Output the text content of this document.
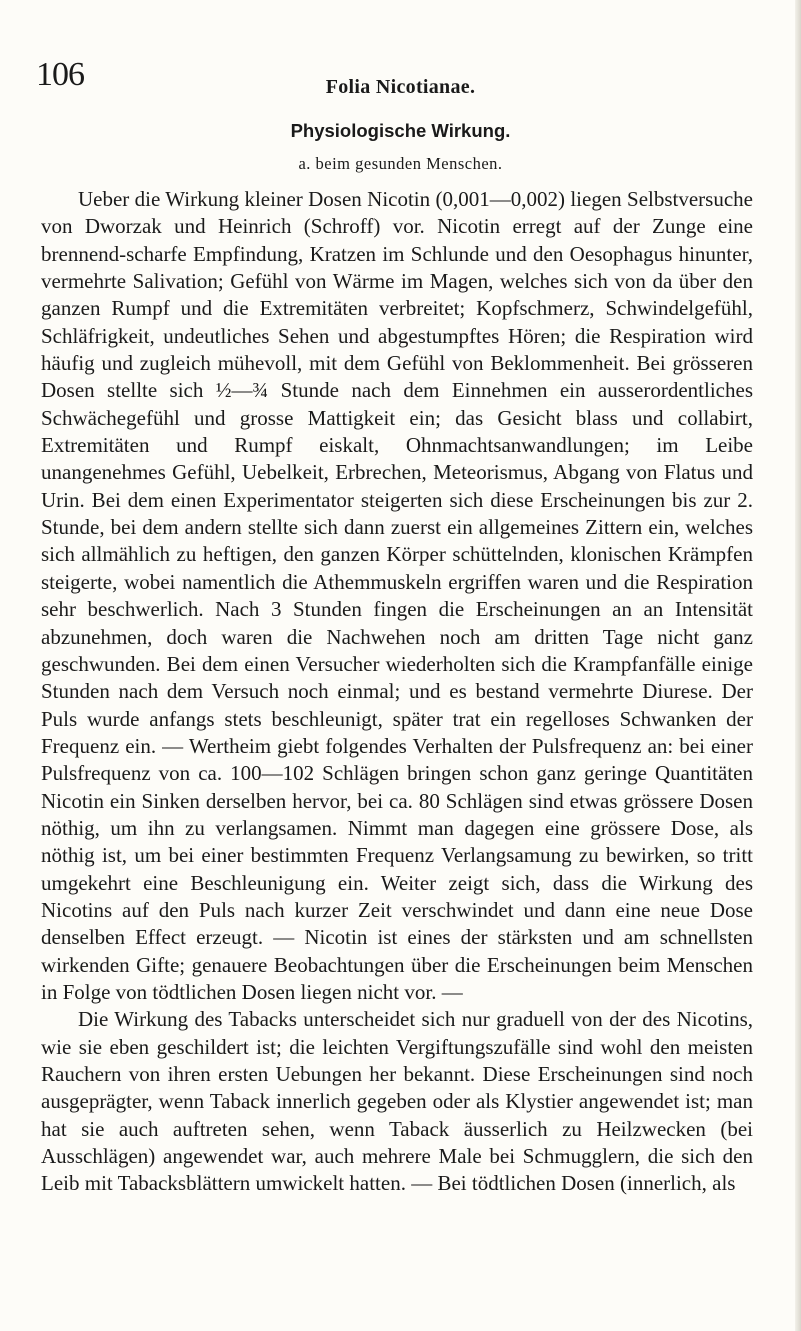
106	Folia Nicotianae.
Physiologische Wirkung.
a. beim gesunden Menschen.

Ueber die Wirkung kleiner Dosen Nicotin (0,001—0,002) liegen Selbstversuche von Dworzak und Heinrich (Schroff) vor. Nicotin erregt auf der Zunge eine brennend-scharfe Empfindung, Kratzen im Schlunde und den Oesophagus hinunter, vermehrte Salivation; Gefühl von Wärme im Magen, welches sich von da über den ganzen Rumpf und die Extremitäten verbreitet; Kopfschmerz, Schwindelgefühl, Schläfrigkeit, undeutliches Sehen und abgestumpftes Hören; die Respiration wird häufig und zugleich mühevoll, mit dem Gefühl von Beklommenheit. Bei grösseren Dosen stellte sich ½—¾ Stunde nach dem Einnehmen ein ausserordentliches Schwächegefühl und grosse Mattigkeit ein; das Gesicht blass und collabirt, Extremitäten und Rumpf eiskalt, Ohnmachtsanwandlungen; im Leibe unangenehmes Gefühl, Uebelkeit, Erbrechen, Meteorismus, Abgang von Flatus und Urin. Bei dem einen Experimentator steigerten sich diese Erscheinungen bis zur 2. Stunde, bei dem andern stellte sich dann zuerst ein allgemeines Zittern ein, welches sich allmählich zu heftigen, den ganzen Körper schüttelnden, klonischen Krämpfen steigerte, wobei namentlich die Athemmuskeln ergriffen waren und die Respiration sehr beschwerlich. Nach 3 Stunden fingen die Erscheinungen an an Intensität abzunehmen, doch waren die Nachwehen noch am dritten Tage nicht ganz geschwunden. Bei dem einen Versucher wiederholten sich die Krampfanfälle einige Stunden nach dem Versuch noch einmal; und es bestand vermehrte Diurese. Der Puls wurde anfangs stets beschleunigt, später trat ein regelloses Schwanken der Frequenz ein. — Wertheim giebt folgendes Verhalten der Pulsfrequenz an: bei einer Pulsfrequenz von ca. 100—102 Schlägen bringen schon ganz geringe Quantitäten Nicotin ein Sinken derselben hervor, bei ca. 80 Schlägen sind etwas grössere Dosen nöthig, um ihn zu verlangsamen. Nimmt man dagegen eine grössere Dose, als nöthig ist, um bei einer bestimmten Frequenz Verlangsamung zu bewirken, so tritt umgekehrt eine Beschleunigung ein. Weiter zeigt sich, dass die Wirkung des Nicotins auf den Puls nach kurzer Zeit verschwindet und dann eine neue Dose denselben Effect erzeugt. — Nicotin ist eines der stärksten und am schnellsten wirkenden Gifte; genauere Beobachtungen über die Erscheinungen beim Menschen in Folge von tödtlichen Dosen liegen nicht vor. —

Die Wirkung des Tabacks unterscheidet sich nur graduell von der des Nicotins, wie sie eben geschildert ist; die leichten Vergiftungszufälle sind wohl den meisten Rauchern von ihren ersten Uebungen her bekannt. Diese Erscheinungen sind noch ausgeprägter, wenn Taback innerlich gegeben oder als Klystier angewendet ist; man hat sie auch auftreten sehen, wenn Taback äusserlich zu Heilzwecken (bei Ausschlägen) angewendet war, auch mehrere Male bei Schmugglern, die sich den Leib mit Tabacksblättern umwickelt hatten. — Bei tödtlichen Dosen (innerlich, als
